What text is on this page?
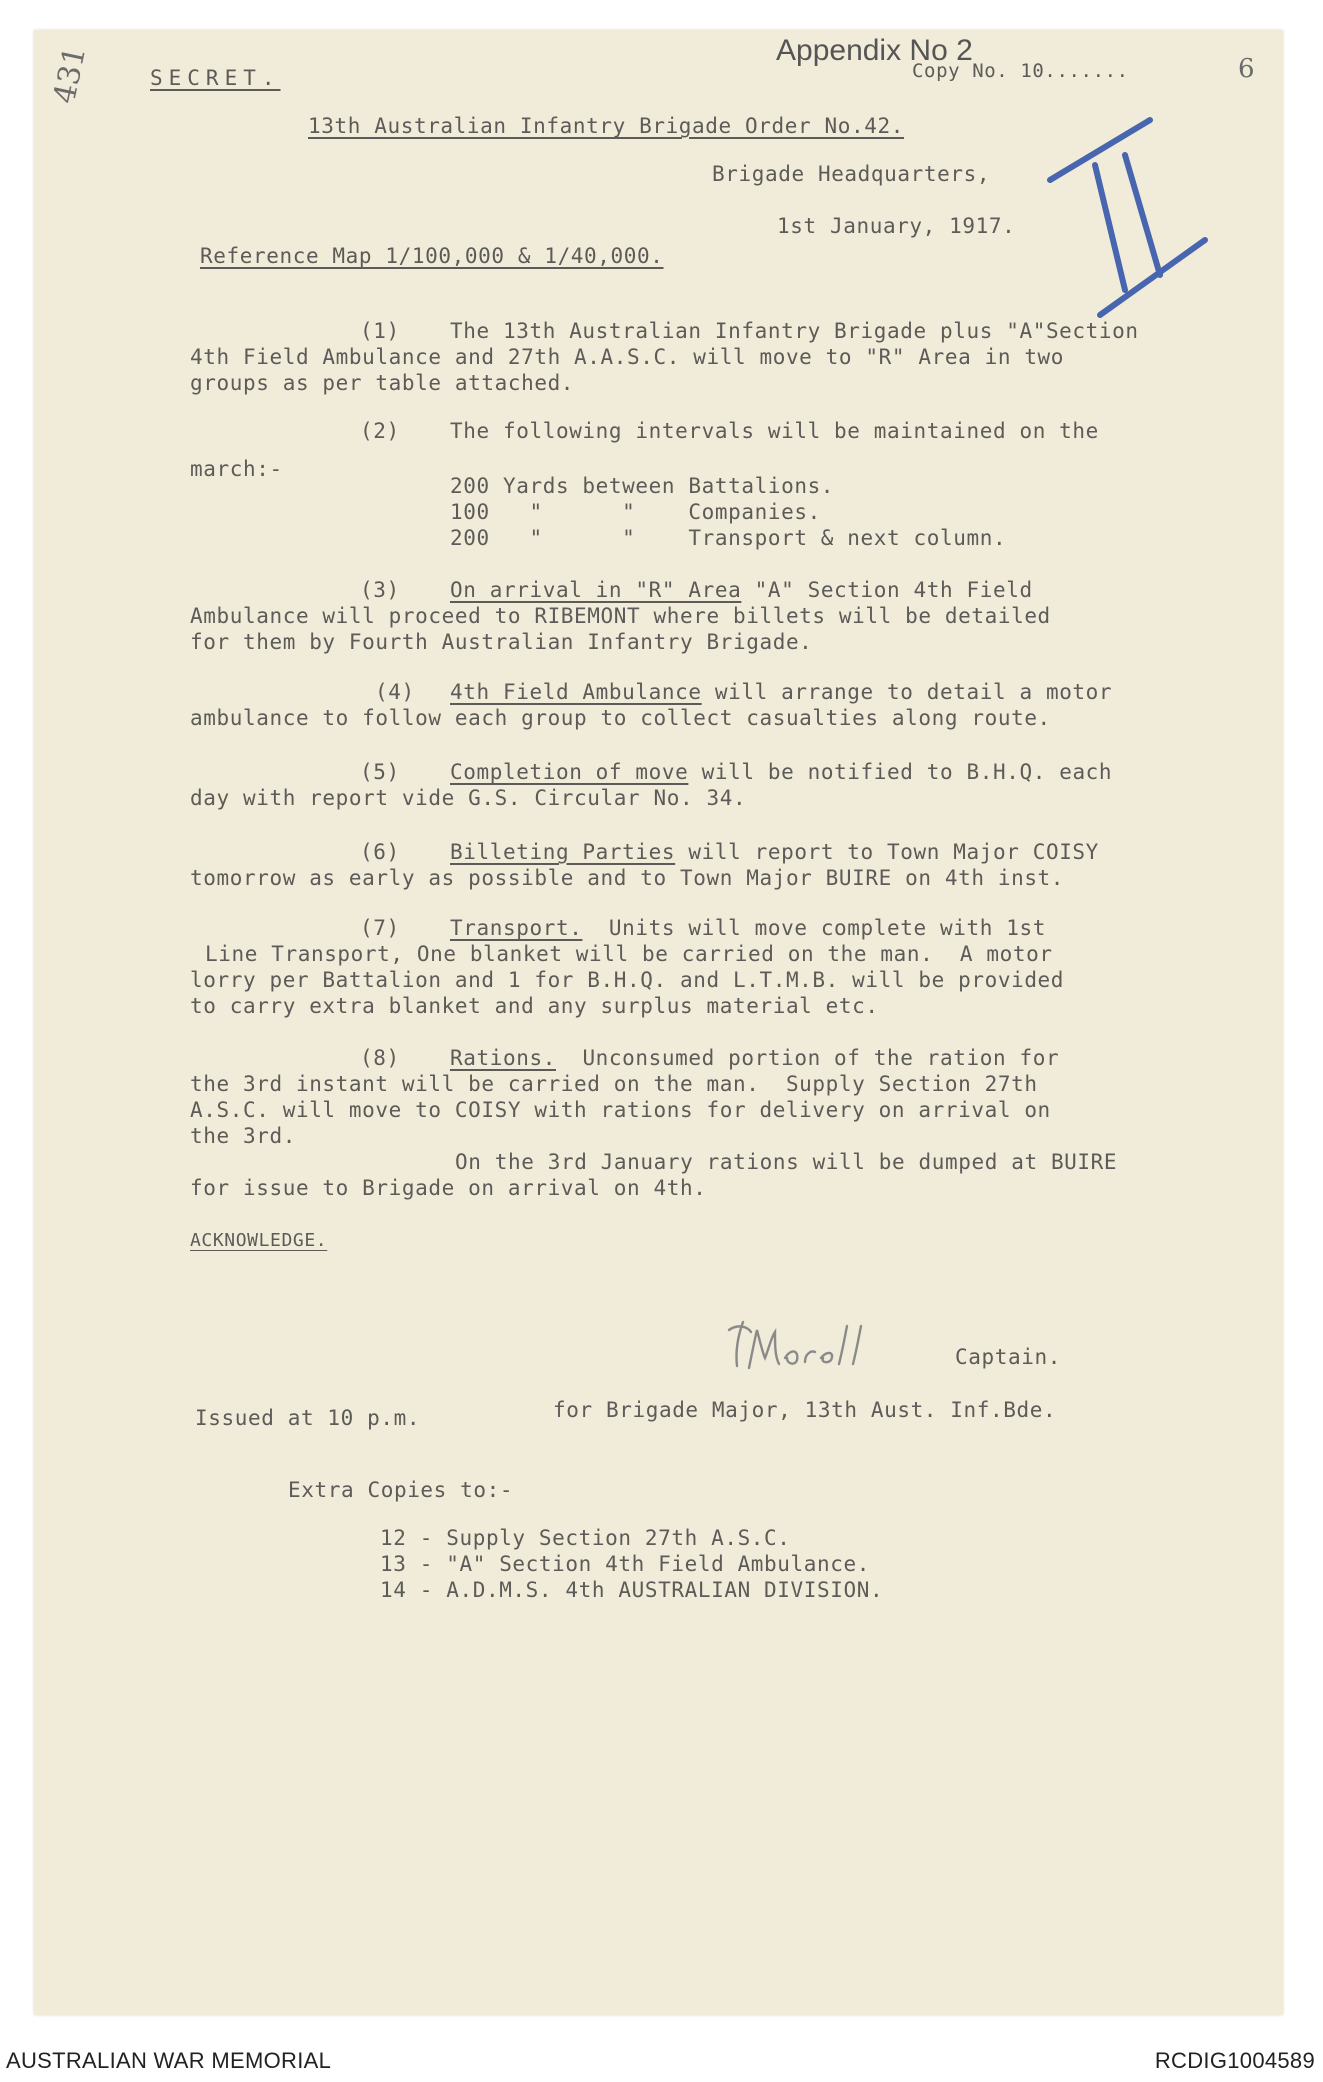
431	SECRET.
Appendix No 2
Copy No. 10.......	6
13th Australian Infantry Brigade Order No.42.
Brigade Headquarters,
1st January, 1917.
Reference Map 1/100,000 & 1/40,000.
(1) The 13th Australian Infantry Brigade plus "A"Section
4th Field Ambulance and 27th A.A.S.C. will move to "R" Area in two
groups as per table attached.
(2) The following intervals will be maintained on the
march:-
200 Yards between Battalions.
100   "      "    Companies.
200   "      "    Transport & next column.
(3) On arrival in "R" Area "A" Section 4th Field
Ambulance will proceed to RIBEMONT where billets will be detailed
for them by Fourth Australian Infantry Brigade.
(4) 4th Field Ambulance will arrange to detail a motor
ambulance to follow each group to collect casualties along route.
(5) Completion of move will be notified to B.H.Q. each
day with report vide G.S. Circular No. 34.
(6) Billeting Parties will report to Town Major COISY
tomorrow as early as possible and to Town Major BUIRE on 4th inst.
(7) Transport.  Units will move complete with 1st
Line Transport, One blanket will be carried on the man.  A motor
lorry per Battalion and 1 for B.H.Q. and L.T.M.B. will be provided
to carry extra blanket and any surplus material etc.
(8) Rations.  Unconsumed portion of the ration for
the 3rd instant will be carried on the man.  Supply Section 27th
A.S.C. will move to COISY with rations for delivery on arrival on
the 3rd.
On the 3rd January rations will be dumped at BUIRE
for issue to Brigade on arrival on 4th.
ACKNOWLEDGE.
Captain.
Issued at 10 p.m.	for Brigade Major, 13th Aust. Inf.Bde.
Extra Copies to:-
12 - Supply Section 27th A.S.C.
13 - "A" Section 4th Field Ambulance.
14 - A.D.M.S. 4th AUSTRALIAN DIVISION.
AUSTRALIAN WAR MEMORIAL	RCDIG1004589
